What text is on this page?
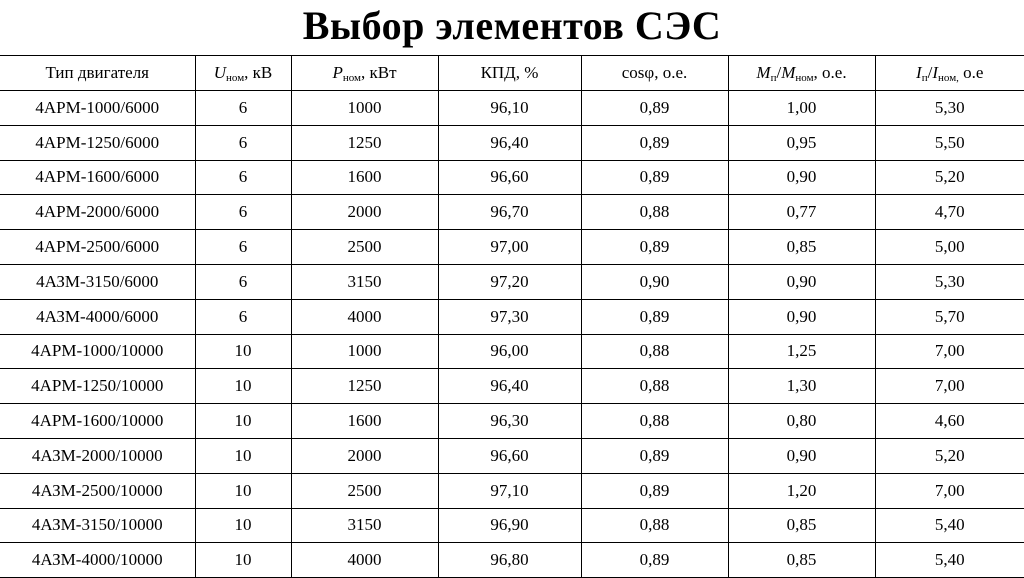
Выбор элементов СЭС
Тип двигателя	$U_{ном}$, кВ	$P_{ном}$, кВт	КПД, %	cosφ, о.е.	$M_п/M_{ном}$, о.е.	$I_п/I_{ном,}$ о.е
4АРМ-1000/6000	6	1000	96,10	0,89	1,00	5,30
4АРМ-1250/6000	6	1250	96,40	0,89	0,95	5,50
4АРМ-1600/6000	6	1600	96,60	0,89	0,90	5,20
4АРМ-2000/6000	6	2000	96,70	0,88	0,77	4,70
4АРМ-2500/6000	6	2500	97,00	0,89	0,85	5,00
4АЗМ-3150/6000	6	3150	97,20	0,90	0,90	5,30
4АЗМ-4000/6000	6	4000	97,30	0,89	0,90	5,70
4АРМ-1000/10000	10	1000	96,00	0,88	1,25	7,00
4АРМ-1250/10000	10	1250	96,40	0,88	1,30	7,00
4АРМ-1600/10000	10	1600	96,30	0,88	0,80	4,60
4АЗМ-2000/10000	10	2000	96,60	0,89	0,90	5,20
4АЗМ-2500/10000	10	2500	97,10	0,89	1,20	7,00
4АЗМ-3150/10000	10	3150	96,90	0,88	0,85	5,40
4АЗМ-4000/10000	10	4000	96,80	0,89	0,85	5,40
